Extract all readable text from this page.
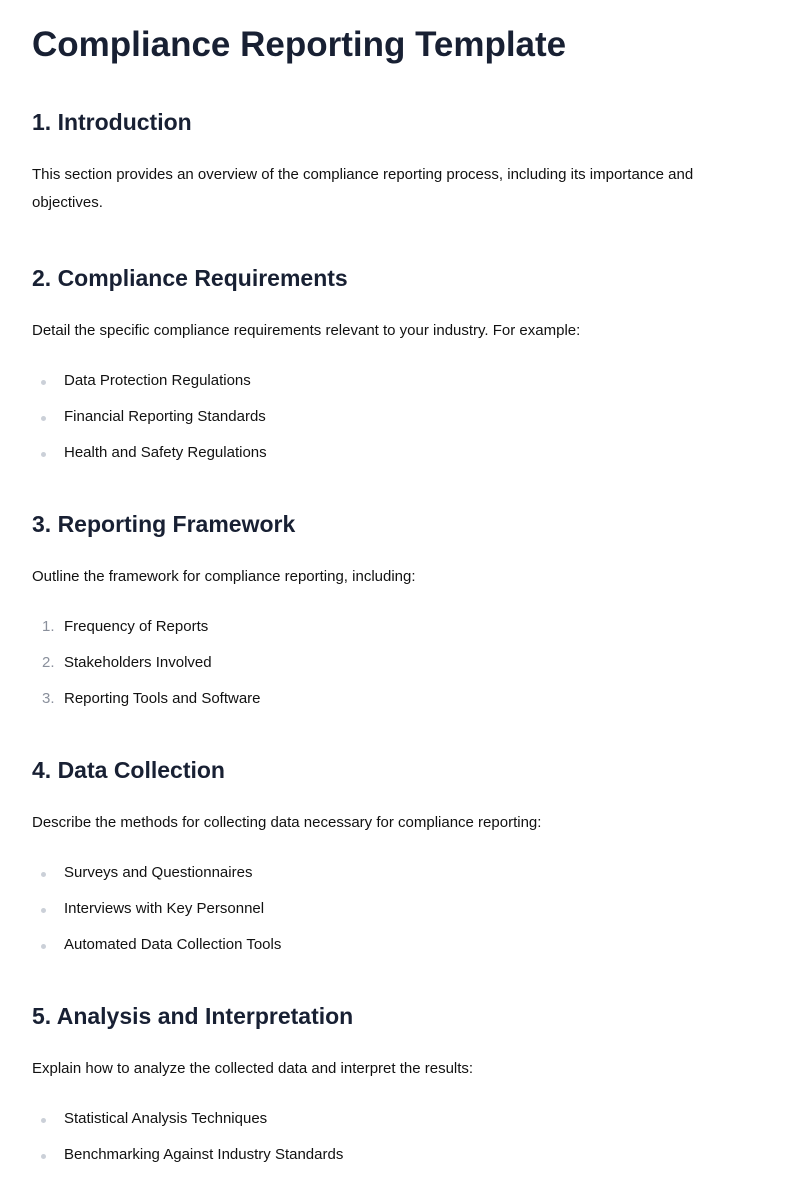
Compliance Reporting Template
1. Introduction

This section provides an overview of the compliance reporting process, including its importance and objectives.

2. Compliance Requirements

Detail the specific compliance requirements relevant to your industry. For example:

Data Protection Regulations
Financial Reporting Standards
Health and Safety Regulations
3. Reporting Framework

Outline the framework for compliance reporting, including:

1. Frequency of Reports
2. Stakeholders Involved
3. Reporting Tools and Software
4. Data Collection

Describe the methods for collecting data necessary for compliance reporting:

Surveys and Questionnaires
Interviews with Key Personnel
Automated Data Collection Tools
5. Analysis and Interpretation

Explain how to analyze the collected data and interpret the results:

Statistical Analysis Techniques
Benchmarking Against Industry Standards
